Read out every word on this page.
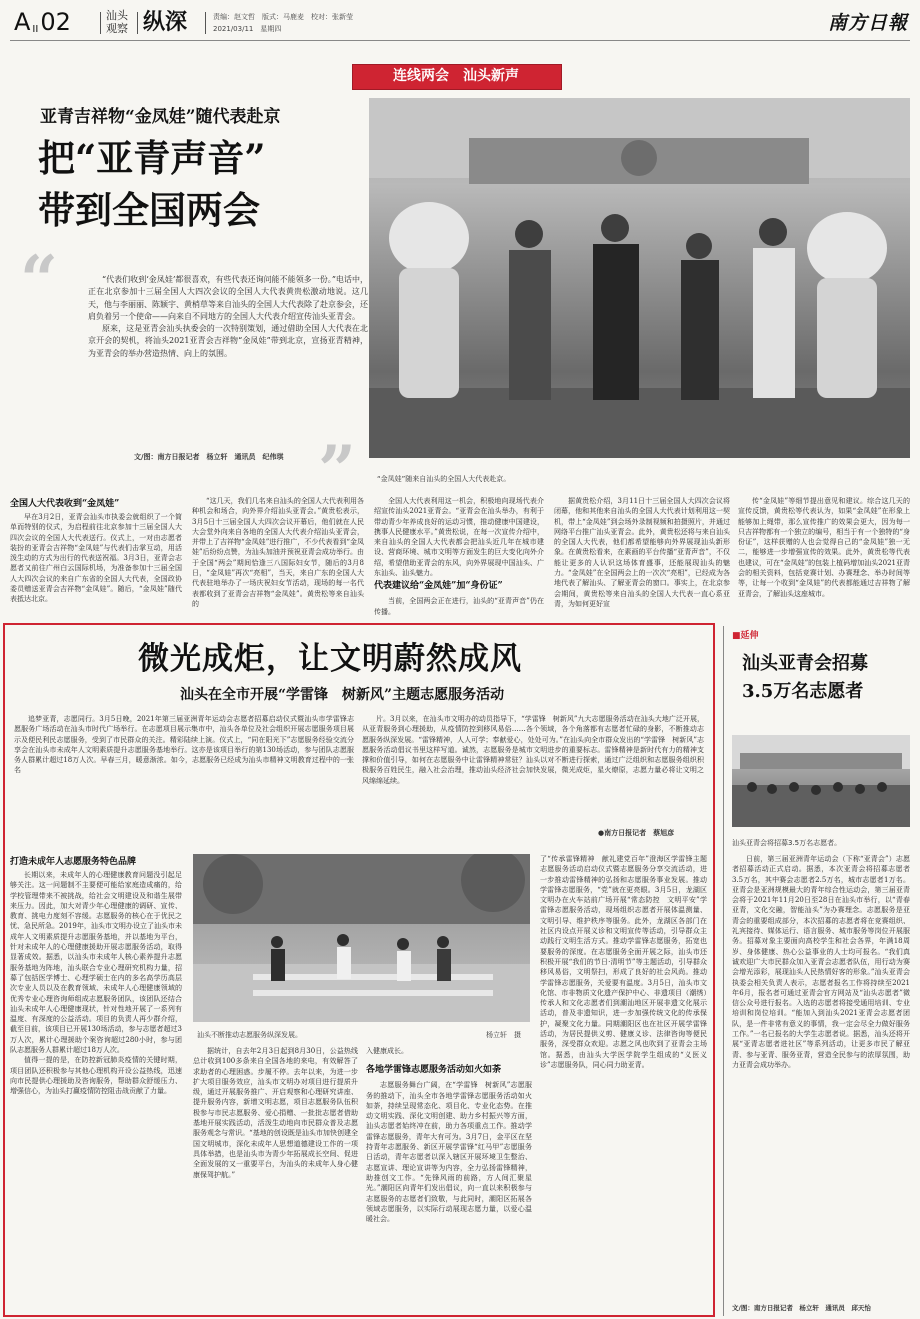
AII02	汕头
观察 纵深	责编：赵文哲　版式：马鹿麦　校对：张新莹
2021/03/11　星期四	南方日報
连线两会　汕头新声
亚青吉祥物“金凤娃”随代表赴京
把“亚青声音”
带到全国两会
“	“代表们收到‘金凤娃’都很喜欢，有些代表还询问能不能领多一份。”电话中，正在北京参加十三届全国人大四次会议的全国人大代表黄贵松激动地说。这几天，他与李丽丽、陈颖宇、黄梢草等来自汕头的全国人大代表除了赴京参会，还肩负着另一个使命——向来自不同地方的全国人大代表介绍宣传汕头亚青会。

原来，这是亚青会汕头执委会的一次特别策划，通过借助全国人大代表在北京开会的契机，将汕头2021亚青会吉祥物“金凤娃”带到北京，宣扬亚青精神，为亚青会的举办营造热情、向上的氛围。

文/图：南方日报记者　杨立轩　通讯员　纪伟琪 ”	“金凤娃”随来自汕头的全国人大代表赴京。
全国人大代表收到“金凤娃”

早在3月2日，亚青会汕头市执委会就组织了一个简单而特别的仪式，为启程前往北京参加十三届全国人大四次会议的全国人大代表送行。仪式上，一对由志愿者装扮的亚青会吉祥物“金凤娃”与代表们击掌互动，用活泼生动的方式为出行的代表送祝福。3月3日，亚青会志愿者又前往广州白云国际机场，为准备参加十三届全国人大四次会议的来自广东省的全国人大代表，全国政协委员赠送亚青会吉祥物“金凤娃”。随后，“金凤娃”随代表抵达北京。

“这几天，我们几名来自汕头的全国人大代表利用各种机会和场合，向外界介绍汕头亚青会。”黄贵松表示，3月5日十三届全国人大四次会议开幕后，他们就在人民大会堂外向来自各地的全国人大代表介绍汕头亚青会，并带上了吉祥物“金凤娃”进行推广，不少代表看到“金凤娃”后纷纷点赞，为汕头加油并预祝亚青会成功举行。由于全国“两会”期间恰逢三八国际妇女节，随后的3月8日，“金凤娃”再次“亮相”，当天，来自广东的全国人大代表驻地举办了一场庆祝妇女节活动，现场的每一名代表都收到了亚青会吉祥物“金凤娃”。黄贵松等来自汕头的

全国人大代表利用这一机会，积极地向现场代表介绍宣传汕头2021亚青会。“亚青会在汕头举办，有利于带动青少年养成良好的运动习惯，推动健康中国建设，携事人民健康水平。”黄贵松说，在每一次宣传介绍中，来自汕头的全国人大代表都会把汕头近几年在城市建设、营商环境、城市文明等方面发生的巨大变化向外介绍，希望借助亚青会的东风，向外界展现中国汕头、广东汕头、汕头魅力。

代表建议给“金凤娃”加“身份证”

当前，全国两会正在进行，汕头的“亚青声音”仍在传播。

据黄贵松介绍，3月11日十三届全国人大四次会议将闭幕，他和其他来自汕头的全国人大代表计划利用这一契机，带上“金凤娃”到会场外录制视频和拍摄照片，并通过网络平台推广汕头亚青会。此外，黄贵松还将与来自汕头的全国人大代表，他们都希望能够向外界展现汕头新形象。在黄贵松看来，在素画的平台传播“亚青声音”，不仅能让更多的人认识这场体育盛事，还能展现汕头的魅力。“金凤娃”在全国两会上的一次次“亮相”，已经成为各地代表了解汕头、了解亚青会的窗口。事实上，在北京参会期间，黄贵松等来自汕头的全国人大代表一直心系亚青，为如何更好宣

传“金凤娃”等细节提出意见和建议。综合这几天的宣传反馈，黄贵松等代表认为，如果“金凤娃”在形象上能够加上绳带，那么宣传推广的效果会更大，因为每一只吉祥物都有一个独立的编号，相当于有一个独特的“身份证”，这样获赠的人也会觉得自己的“金凤娃”独一无二，能够进一步增强宣传的效果。此外，黄贵松等代表也建议，可在“金凤娃”的包装上植码增加汕头2021亚青会的相关资料，包括竞赛计划、办赛理念、举办时间等等，让每一个收到“金凤娃”的代表都能通过吉祥物了解亚青会，了解汕头这座城市。

微光成炬，让文明蔚然成风
汕头在全市开展“学雷锋　树新风”主题志愿服务活动

追梦亚青，志愿同行。3月5日晚，2021年第三届亚洲青年运动会志愿者招募启动仪式暨汕头市学雷锋志愿服务广场活动在汕头市时代广场举行。在志愿项目展示集市中，汕头各单位及社会组织开展志愿服务项目展示及便民利民志愿服务，受到了市民群众的关注。精彩陆续上演。仪式上，“同在阳光下”志愿服务经验交流分享会在汕头市未成年人文明素质提升志愿服务基地举行。这亦是该项目举行的第130场活动，参与团队志愿服务人群累计超过18万人次。早春三月，暖意渐浓。如今，志愿服务已经成为汕头市精神文明教育过程中的一张名

片。3月以来，在汕头市文明办的动员指导下，“学雷锋　树新风”九大志愿服务活动在汕头大地广泛开展，从亚青服务到心理援助，从疫情防控到移风易俗……各个领域，各个角落都有志愿者忙碌的身影，不断推动志愿服务纵深发展。“雷锋精神，人人可学；奉献爱心，处处可为。”在汕头向全市群众发出的“学雷锋　树新风”志愿服务活动倡议书里这样写道。诚然，志愿服务是城市文明进步的重要标志。雷锋精神是新时代有力的精神支撑和价值引导，如何在志愿服务中让雷锋精神常驻？汕头以对不断进行探索，通过广泛组织和志愿服务组织积极服务百姓民生，融入社会治理，推动汕头经济社会加快发展，微光成炬，星火燎原，志愿力量必将让文明之风绵绵延续。

●南方日报记者　蔡旭彦
打造未成年人志愿服务特色品牌

长期以来，未成年人的心理健康教育问题没引起足够关注。这一问题制不主要便可能给家庭造成痛的，给学校管理带来不被挑战，给社会文明建设及和谐生展带来压力。因此，加大对青少年心理健康的调研、宣传、教育、挑电力度刻不容缓。志愿服务的核心在于优民之忧、急民所急。2019年，汕头市文明办设立了汕头市未成年人文明素质提升志愿服务基地，并以基地为平台，针对未成年人的心理健康援助开展志愿服务活动，取得显著成效。据悉，以汕头市未成年人核心素养提升志愿服务基地为阵地，汕头联合专业心理研究机构力量，招募了包括医学博士、心理学硕士在内的多名高学历高层次专业人员以及在教育领域、未成年人心理健康领域的优秀专业心理咨询师组成志愿服务团队，该团队还结合汕头未成年人心理健康现状，针对性地开展了一系列有温度、有深度的公益活动。项目的负责人再少群介绍，截至目前，该项目已开展130场活动，参与志愿者超过3万人次，累计心理援助个案咨询超过280小时，参与团队志愿服务人群累计超过18万人次。

值得一提的是，在防控新冠肺炎疫情的关键时期，项目团队还积极参与其他心理机构开设公益热线，迅速向市民提供心理援助及咨询服务，帮助群众舒缓压力、增强信心，为汕头打赢疫情防控阻击战贡献了力量。

汕头不断推动志愿服务纵深发展。	杨立轩　摄

据统计，自去年2月3日起到8月30日，公益热线总计收到100多条来自全国各地的来电，有效解答了求助者的心理困惑。步履不停。去年以来，为进一步扩大项目服务效应，汕头市文明办对项目进行提质升级，通过开展服务推广、开启观察和心理研究讲座、提升服务内容，新增文明志愿，项目志愿服务队伍积极参与市民志愿服务、爱心捐赠、一批批志愿者借助基地开展实践活动，活泼生动地向市民群众普及志愿服务观念与常识。“基地的创设既是汕头市加快创建全国文明城市，深化未成年人思想道德建设工作的一项具体举措，也是汕头市为青少年拓展成长空间、促进全面发展的又一重要平台，为汕头的未成年人身心健康保驾护航。”

入健康成长。

各地学雷锋志愿服务活动如火如荼

志愿服务舞台广阔，在“学雷锋　树新风”志愿服务的推动下，汕头全市各地学雷锋志愿服务活动如火如荼，持续呈现常态化、项目化、专业化态势。在推动文明实践、深化文明创建、助力乡村振兴等方面，汕头志愿者始终冲在前，助力各项重点工作。推动学雷锋志愿服务，青年大有可为。3月7日，金平区在坚持青年志愿服务、新区开展学雷锋“红马甲”志愿服务日活动，青年志愿者以深入辖区开展环境卫生整治、志愿宣讲、理论宣讲等为内容，全力弘扬雷锋精神，助推创文工作。“先锋风雨的前路，方人间汇聚星光。”潮阳区向青年们发出倡议，向一直以来积极参与志愿服务的志愿者们致敬，与此同时，潮阳区拓展各领域志愿服务，以实际行动展现志愿力量，以爱心温暖社会。

了“传承雷锋精神　献礼建党百年”澄海区学雷锋主题志愿服务活动启动仪式暨志愿服务分享交流活动，进一步推动雷锋精神的弘扬和志愿服务事业发展。推动学雷锋志愿服务，“党”就在更亮眼。3月5日，龙湖区文明办在火车站前广场开展“常态防控　文明平安”学雷锋志愿服务活动，现场组织志愿者开展体温测量、文明引导、维护秩序等服务。此外，龙湖区各部门在社区内设点开展义诊和文明宣传等活动，引导群众主动践行文明生活方式。推动学雷锋志愿服务，拓宽也要服务的深度。在志愿服务全面开展之际，汕头市还积极开展“我们的节日·清明节”等主题活动，引导群众移风易俗，文明祭扫，形成了良好的社会风尚。推动学雷锋志愿服务，关爱要有温度。3月5日，汕头市文化馆、市非物质文化遗产保护中心、非遗项目（潮绣）传承人和文化志愿者们到潮汕地区开展非遗文化展示活动，普及非遗知识，进一步加强传统文化的传承保护，凝聚文化力量。同期潮阳区也在社区开展学雷锋活动，为居民提供义剪、健康义诊、法律咨询等便民服务，深受群众欢迎。志愿之风也吹到了亚青会主场馆。据悉，由汕头大学医学院学生组成的“义医义诊”志愿服务队，同心同力助亚青。

■延伸
汕头亚青会招募
3.5万名志愿者
汕头亚青会将招募3.5万名志愿者。

日前，第三届亚洲青年运动会（下称“亚青会”）志愿者招募活动正式启动。据悉，本次亚青会将招募志愿者3.5万名，其中赛会志愿者2.5万名，城市志愿者1万名。亚青会是亚洲规模最大的青年综合性运动会，第三届亚青会将于2021年11月20日至28日在汕头市举行，以“青春亚青，文化交融，智能汕头”为办赛理念。志愿服务是亚青会的重要组成部分，本次招募的志愿者将在竞赛组织、礼宾接待、媒体运行、语言服务、城市服务等岗位开展服务。招募对象主要面向高校学生和社会各界，年满18周岁、身体健康、热心公益事业的人士均可报名。“我们真诚欢迎广大市民群众加入亚青会志愿者队伍，用行动为赛会增光添彩，展现汕头人民热情好客的形象。”汕头亚青会执委会相关负责人表示，志愿者报名工作将持续至2021年6月，报名者可通过亚青会官方网站及“汕头志愿者”微信公众号进行报名。入选的志愿者将接受通用培训、专业培训和岗位培训。“能加入到汕头2021亚青会志愿者团队，是一件非常有意义的事情，我一定会尽全力做好服务工作。”一名已报名的大学生志愿者说。据悉，汕头还将开展“亚青志愿者进社区”等系列活动，让更多市民了解亚青、参与亚青、服务亚青，营造全民参与的浓厚氛围，助力亚青会成功举办。

文/图：南方日报记者　杨立轩　通讯员　邱天怡
